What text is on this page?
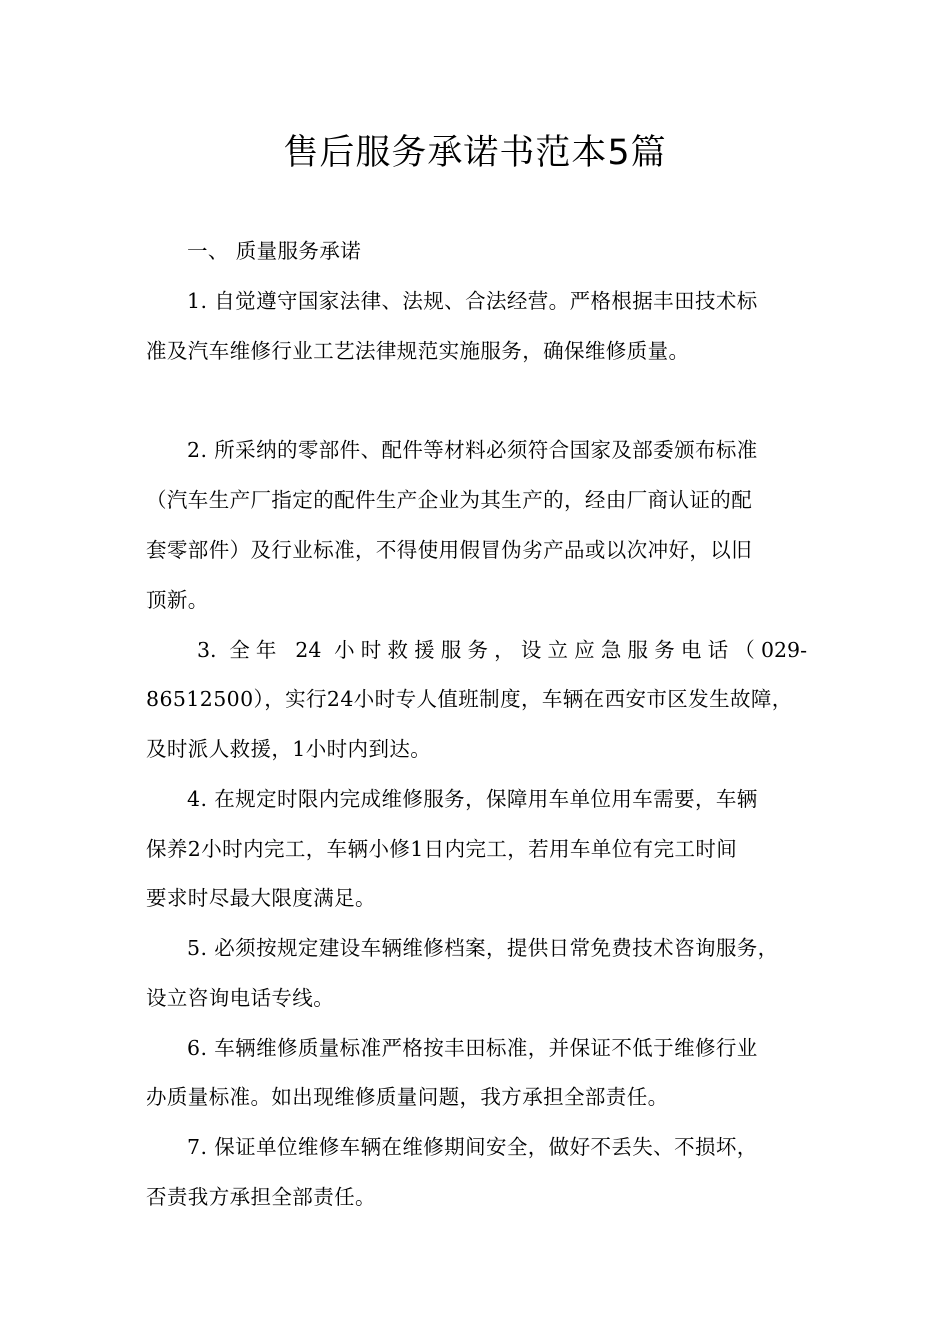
售后服务承诺书范本5篇
一、 质量服务承诺
1. 自觉遵守国家法律、法规、合法经营。严格根据丰田技术标
准及汽车维修行业工艺法律规范实施服务，确保维修质量。
2. 所采纳的零部件、配件等材料必须符合国家及部委颁布标准
（汽车生产厂指定的配件生产企业为其生产的，经由厂商认证的配
套零部件）及行业标准，不得使用假冒伪劣产品或以次冲好，以旧
顶新。
3. 全年 24 小时救援服务，设立应急服务电话（029-
86512500），实行24小时专人值班制度，车辆在西安市区发生故障，
及时派人救援，1小时内到达。
4. 在规定时限内完成维修服务，保障用车单位用车需要，车辆
保养2小时内完工，车辆小修1日内完工，若用车单位有完工时间
要求时尽最大限度满足。
5. 必须按规定建设车辆维修档案，提供日常免费技术咨询服务，
设立咨询电话专线。
6. 车辆维修质量标准严格按丰田标准，并保证不低于维修行业
办质量标准。如出现维修质量问题，我方承担全部责任。
7. 保证单位维修车辆在维修期间安全，做好不丢失、不损坏，
否责我方承担全部责任。
